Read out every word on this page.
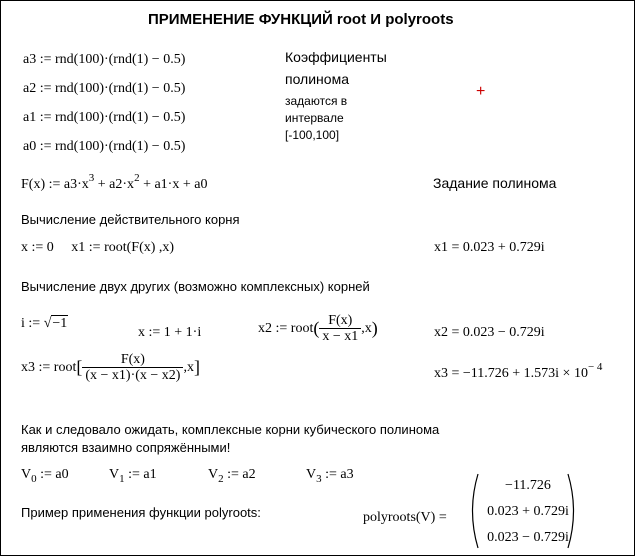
ПРИМЕНЕНИЕ ФУНКЦИЙ root И polyroots
a3 := rnd(100)·(rnd(1) − 0.5)
a2 := rnd(100)·(rnd(1) − 0.5)
a1 := rnd(100)·(rnd(1) − 0.5)
a0 := rnd(100)·(rnd(1) − 0.5)
Коэффициенты
полинома
задаются в
интервале
[-100,100]
+
F(x) := $a3\cdot x^3 + a2\cdot x^2 + a1\cdot x + a0$	Задание полинома
Вычисление действительного корня
x := 0     x1 := root(F(x) ,x)	x1 = 0.023 + 0.729i
Вычисление двух других (возможно комплексных) корней
i := √−1
x := 1 + 1·i	x2 := root( $\frac{F(x)}{x - x1} ,x$)	x2 = 0.023 − 0.729i
x3 := root[ $\frac{F(x)}{(x - x1)\cdot(x - x2)} ,x$]	$x3 = -11.726 + 1.573i \times 10^{- 4}$
Как и следовало ожидать, комплексные корни кубического полинома
являются взаимно сопряжёнными!
$V_0$ := a0	$V_1$ := a1	$V_2$ := a2	$V_3$ := a3
Пример применения функции polyroots:	polyroots(V) =
−11.726
0.023 + 0.729i
0.023 − 0.729i
